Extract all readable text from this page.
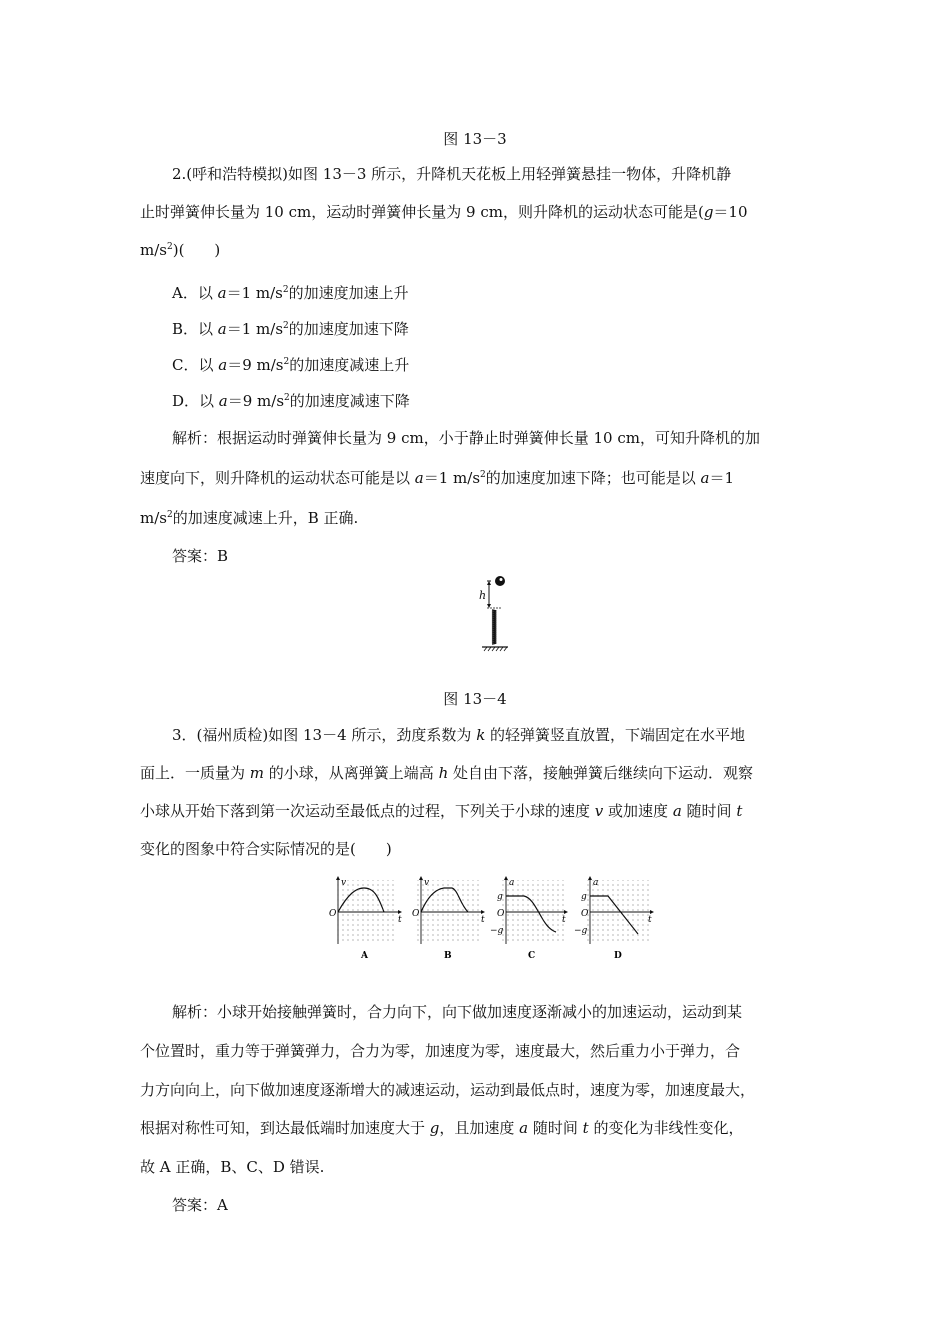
图 13－3
2.(呼和浩特模拟)如图 13－3 所示，升降机天花板上用轻弹簧悬挂一物体，升降机静
止时弹簧伸长量为 10 cm，运动时弹簧伸长量为 9 cm，则升降机的运动状态可能是(g＝10
$m/s^2$)(　　)
A．以 a＝1 $m/s^2$的加速度加速上升
B．以 a＝1 $m/s^2$的加速度加速下降
C．以 a＝9 $m/s^2$的加速度减速上升
D．以 a＝9 $m/s^2$的加速度减速下降
解析：根据运动时弹簧伸长量为 9 cm，小于静止时弹簧伸长量 10 cm，可知升降机的加
速度向下，则升降机的运动状态可能是以 a＝1 $m/s^2$的加速度加速下降；也可能是以 a＝1
$m/s^2$的加速度减速上升，B 正确.
答案：B
h
图 13－4
3．(福州质检)如图 13－4 所示，劲度系数为 k 的轻弹簧竖直放置，下端固定在水平地
面上．一质量为 m 的小球，从离弹簧上端高 h 处自由下落，接触弹簧后继续向下运动．观察
小球从开始下落到第一次运动至最低点的过程，下列关于小球的速度 v 或加速度 a 随时间 t
变化的图象中符合实际情况的是(　　)
v
t
O
A
v
t
O
B
a
t
O
g
−g
C
a
t
O
g
−g
D
解析：小球开始接触弹簧时，合力向下，向下做加速度逐渐减小的加速运动，运动到某
个位置时，重力等于弹簧弹力，合力为零，加速度为零，速度最大，然后重力小于弹力，合
力方向向上，向下做加速度逐渐增大的减速运动，运动到最低点时，速度为零，加速度最大，
根据对称性可知，到达最低端时加速度大于 g，且加速度 a 随时间 t 的变化为非线性变化，
故 A 正确，B、C、D 错误.
答案：A
